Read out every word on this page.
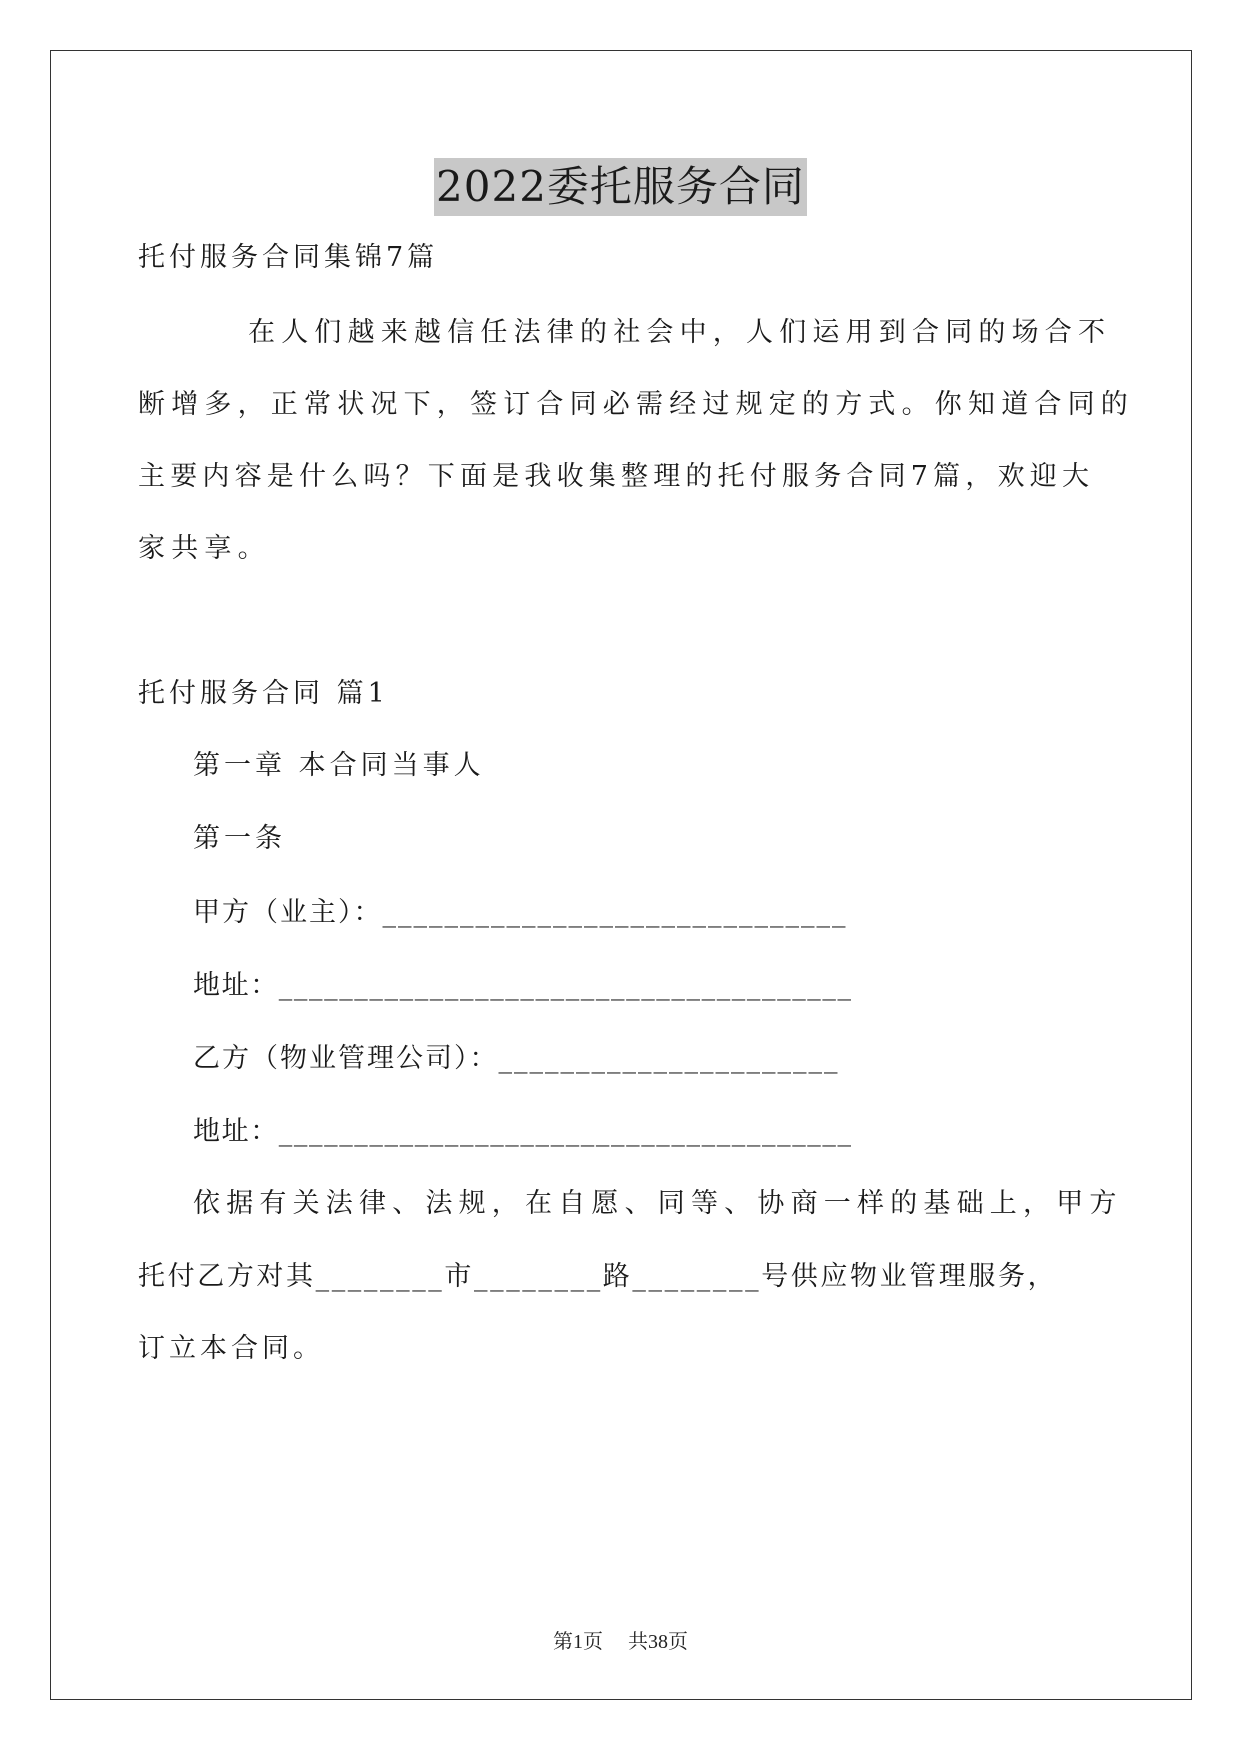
2022委托服务合同
托付服务合同集锦7篇
在人们越来越信任法律的社会中，人们运用到合同的场合不
断增多，正常状况下，签订合同必需经过规定的方式。你知道合同的
主要内容是什么吗？下面是我收集整理的托付服务合同7篇，欢迎大
家共享。
托付服务合同 篇1
第一章 本合同当事人
第一条
甲方（业主）：______________________________
地址：______________________________________
乙方（物业管理公司）：______________________
地址：______________________________________
依据有关法律、法规，在自愿、同等、协商一样的基础上，甲方
托付乙方对其________市________路________号供应物业管理服务，
订立本合同。
第1页 共38页
